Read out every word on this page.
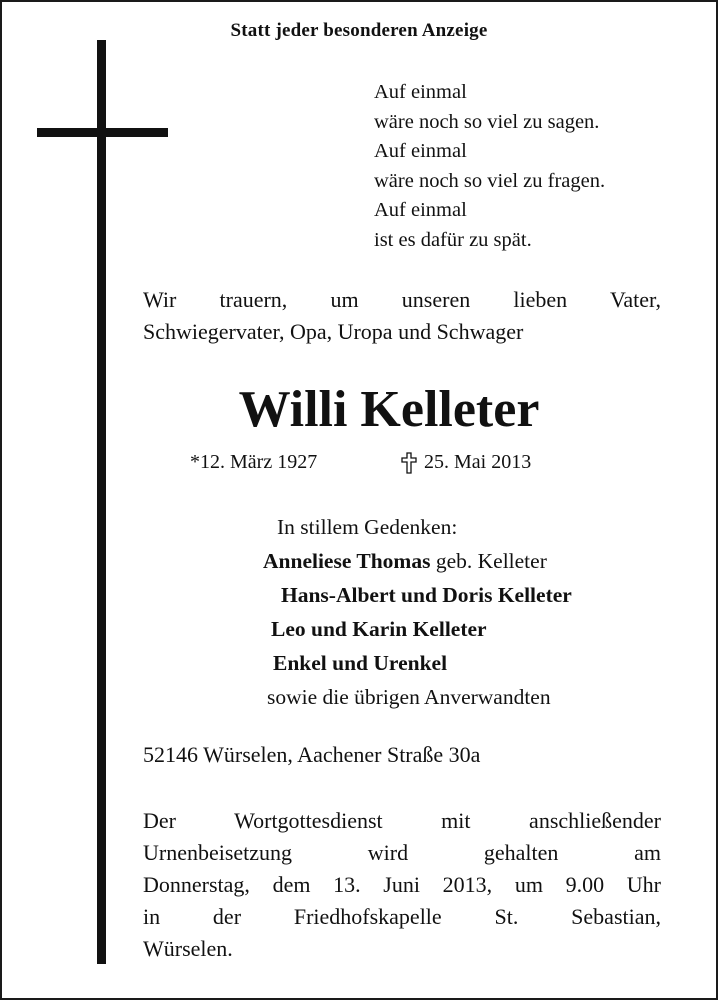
Statt jeder besonderen Anzeige
Auf einmal
wäre noch so viel zu sagen.
Auf einmal
wäre noch so viel zu fragen.
Auf einmal
ist es dafür zu spät.
Wir trauern, um unseren lieben Vater,
Schwiegervater, Opa, Uropa und Schwager
Willi Kelleter
*12. März 1927	25. Mai 2013
In stillem Gedenken:
Anneliese Thomas geb. Kelleter
Hans-Albert und Doris Kelleter
Leo und Karin Kelleter
Enkel und Urenkel
sowie die übrigen Anverwandten
52146 Würselen, Aachener Straße 30a
Der Wortgottesdienst mit anschließender
Urnenbeisetzung wird gehalten am
Donnerstag, dem 13. Juni 2013, um 9.00 Uhr
in der Friedhofskapelle St. Sebastian,
Würselen.
